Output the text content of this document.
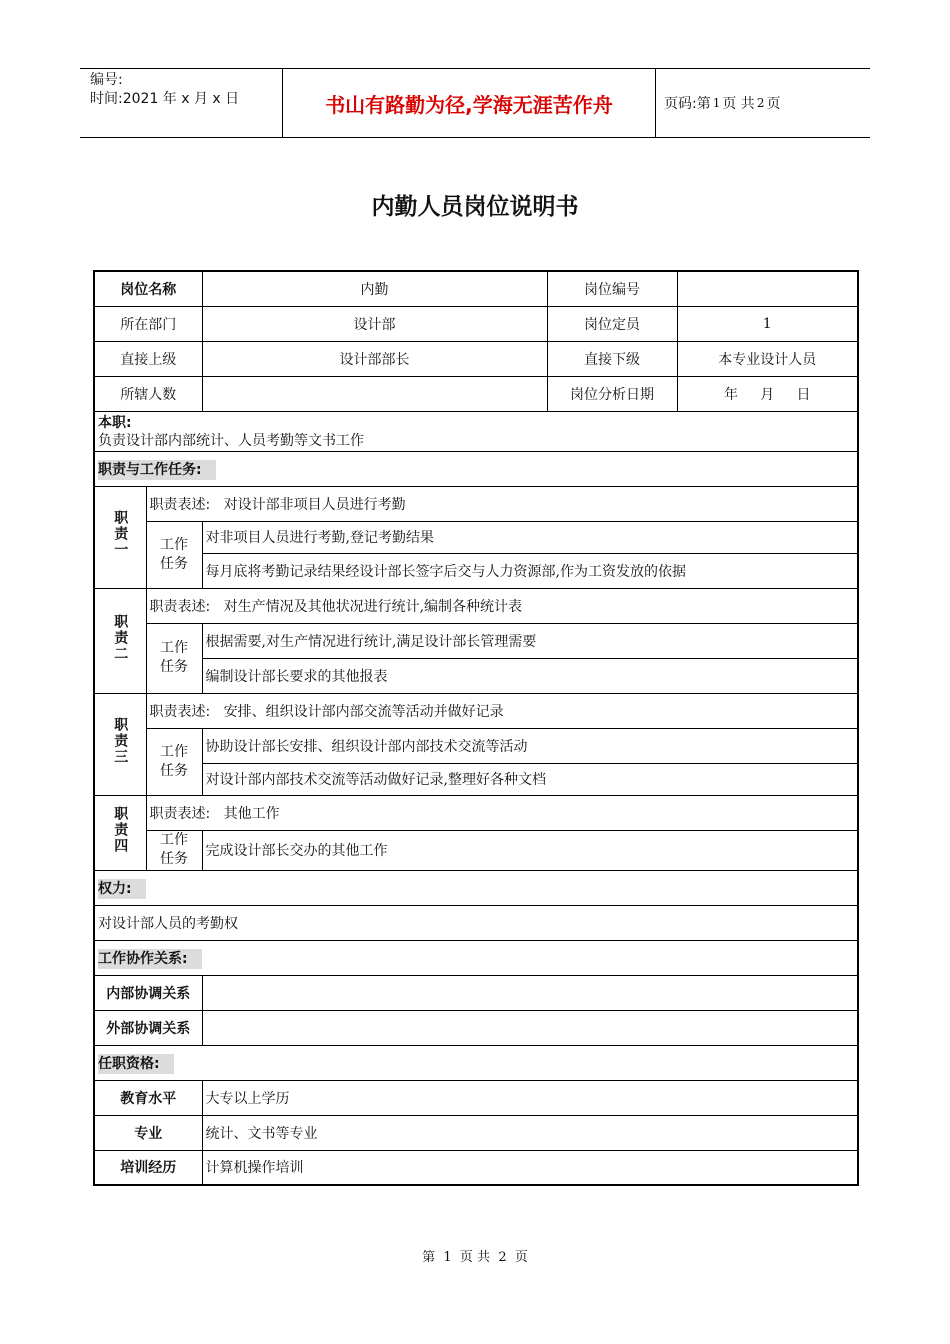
编号:
时间:2021 年 x 月 x 日	书山有路勤为径,学海无涯苦作舟	页码:第 1 页 共 2 页
内勤人员岗位说明书
岗位名称		内勤	岗位编号	
所在部门		设计部	岗位定员	1
直接上级		设计部部长	直接下级	本专业设计人员
所辖人数			岗位分析日期	年     月     日

本职:
负责设计部内部统计、人员考勤等文书工作				

职责与工作任务:				
职责一	职责表述: 对设计部非项目人员进行考勤			

	工作任务	对非项目人员进行考勤,登记考勤结果		
		每月底将考勤记录结果经设计部长签字后交与人力资源部,作为工资发放的依据		
职责二	职责表述: 对生产情况及其他状况进行统计,编制各种统计表			

	工作任务	根据需要,对生产情况进行统计,满足设计部长管理需要		
		编制设计部长要求的其他报表		
职责三	职责表述: 安排、组织设计部内部交流等活动并做好记录			

	工作任务	协助设计部长安排、组织设计部内部技术交流等活动		
		对设计部内部技术交流等活动做好记录,整理好各种文档		
职责四	职责表述: 其他工作			

	工作任务	完成设计部长交办的其他工作		
权力:				
对设计部人员的考勤权				
工作协作关系:				
内部协调关系				
外部协调关系				
任职资格:				
教育水平		大专以上学历		
专业		统计、文书等专业		
培训经历		计算机操作培训		
第 1 页 共 2 页
